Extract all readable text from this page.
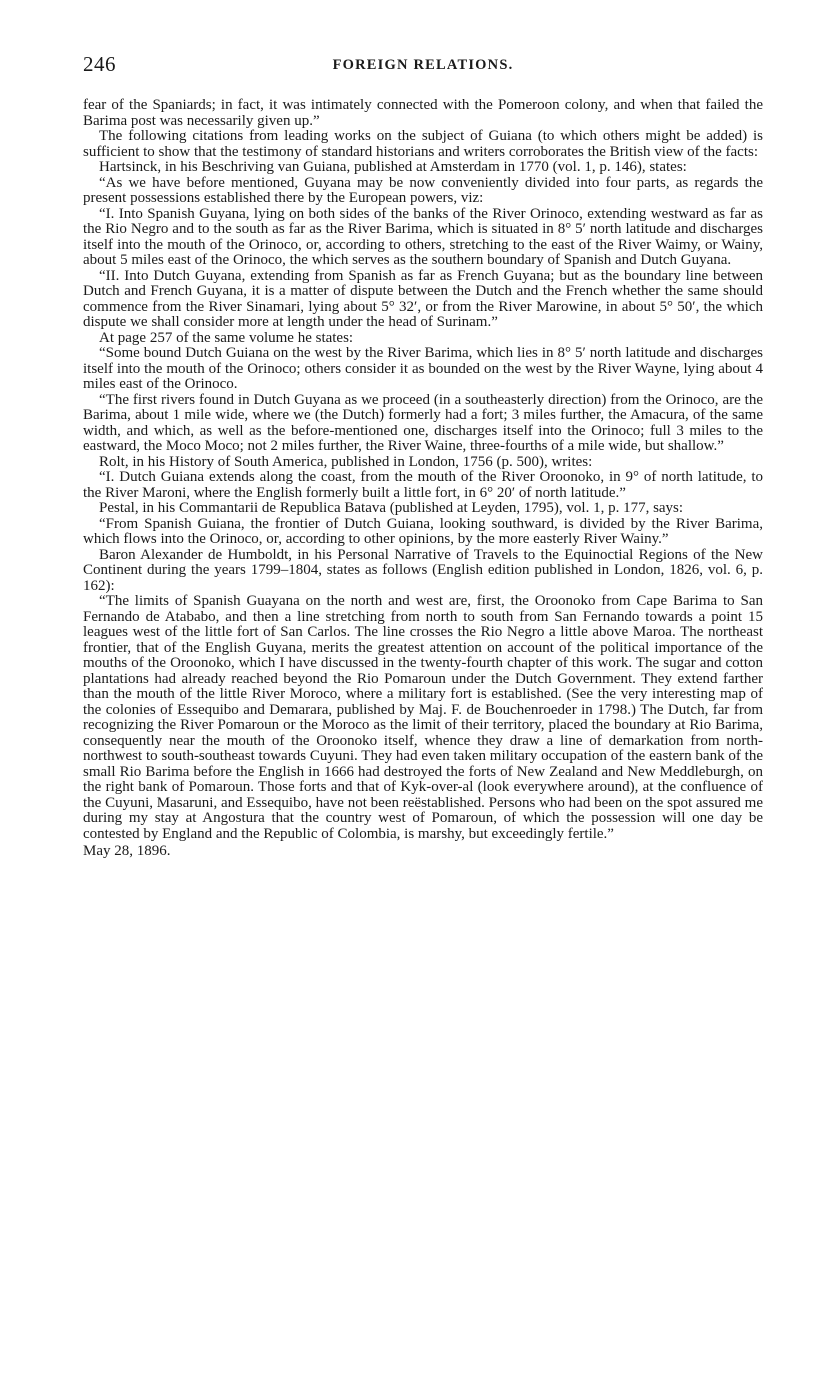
246	FOREIGN RELATIONS.

fear of the Spaniards; in fact, it was intimately connected with the Pomeroon colony, and when that failed the Barima post was necessarily given up.”

The following citations from leading works on the subject of Guiana (to which others might be added) is sufficient to show that the testimony of standard historians and writers corroborates the British view of the facts:

Hartsinck, in his Beschriving van Guiana, published at Amsterdam in 1770 (vol. 1, p. 146), states:

“As we have before mentioned, Guyana may be now conveniently divided into four parts, as regards the present possessions established there by the European powers, viz:

“I. Into Spanish Guyana, lying on both sides of the banks of the River Orinoco, extending westward as far as the Rio Negro and to the south as far as the River Barima, which is situated in 8° 5′ north latitude and discharges itself into the mouth of the Orinoco, or, according to others, stretching to the east of the River Waimy, or Wainy, about 5 miles east of the Orinoco, the which serves as the southern boundary of Spanish and Dutch Guyana.

“II. Into Dutch Guyana, extending from Spanish as far as French Guyana; but as the boundary line between Dutch and French Guyana, it is a matter of dispute between the Dutch and the French whether the same should commence from the River Sinamari, lying about 5° 32′, or from the River Marowine, in about 5° 50′, the which dispute we shall consider more at length under the head of Surinam.”

At page 257 of the same volume he states:

“Some bound Dutch Guiana on the west by the River Barima, which lies in 8° 5′ north latitude and discharges itself into the mouth of the Orinoco; others consider it as bounded on the west by the River Wayne, lying about 4 miles east of the Orinoco.

“The first rivers found in Dutch Guyana as we proceed (in a southeasterly direction) from the Orinoco, are the Barima, about 1 mile wide, where we (the Dutch) formerly had a fort; 3 miles further, the Amacura, of the same width, and which, as well as the before-mentioned one, discharges itself into the Orinoco; full 3 miles to the eastward, the Moco Moco; not 2 miles further, the River Waine, three-fourths of a mile wide, but shallow.”

Rolt, in his History of South America, published in London, 1756 (p. 500), writes:

“I. Dutch Guiana extends along the coast, from the mouth of the River Oroonoko, in 9° of north latitude, to the River Maroni, where the English formerly built a little fort, in 6° 20′ of north latitude.”

Pestal, in his Commantarii de Republica Batava (published at Leyden, 1795), vol. 1, p. 177, says:

“From Spanish Guiana, the frontier of Dutch Guiana, looking southward, is divided by the River Barima, which flows into the Orinoco, or, according to other opinions, by the more easterly River Wainy.”

Baron Alexander de Humboldt, in his Personal Narrative of Travels to the Equinoctial Regions of the New Continent during the years 1799–1804, states as follows (English edition published in London, 1826, vol. 6, p. 162):

“The limits of Spanish Guayana on the north and west are, first, the Oroonoko from Cape Barima to San Fernando de Atababo, and then a line stretching from north to south from San Fernando towards a point 15 leagues west of the little fort of San Carlos. The line crosses the Rio Negro a little above Maroa. The northeast frontier, that of the English Guyana, merits the greatest attention on account of the political importance of the mouths of the Oroonoko, which I have discussed in the twenty-fourth chapter of this work. The sugar and cotton plantations had already reached beyond the Rio Pomaroun under the Dutch Government. They extend farther than the mouth of the little River Moroco, where a military fort is established. (See the very interesting map of the colonies of Essequibo and Demarara, published by Maj. F. de Bouchenroeder in 1798.) The Dutch, far from recognizing the River Pomaroun or the Moroco as the limit of their territory, placed the boundary at Rio Barima, consequently near the mouth of the Oroonoko itself, whence they draw a line of demarkation from north-northwest to south-southeast towards Cuyuni. They had even taken military occupation of the eastern bank of the small Rio Barima before the English in 1666 had destroyed the forts of New Zealand and New Meddleburgh, on the right bank of Pomaroun. Those forts and that of Kyk-over-al (look everywhere around), at the confluence of the Cuyuni, Masaruni, and Essequibo, have not been reëstablished. Persons who had been on the spot assured me during my stay at Angostura that the country west of Pomaroun, of which the possession will one day be contested by England and the Republic of Colombia, is marshy, but exceedingly fertile.”

May 28, 1896.
